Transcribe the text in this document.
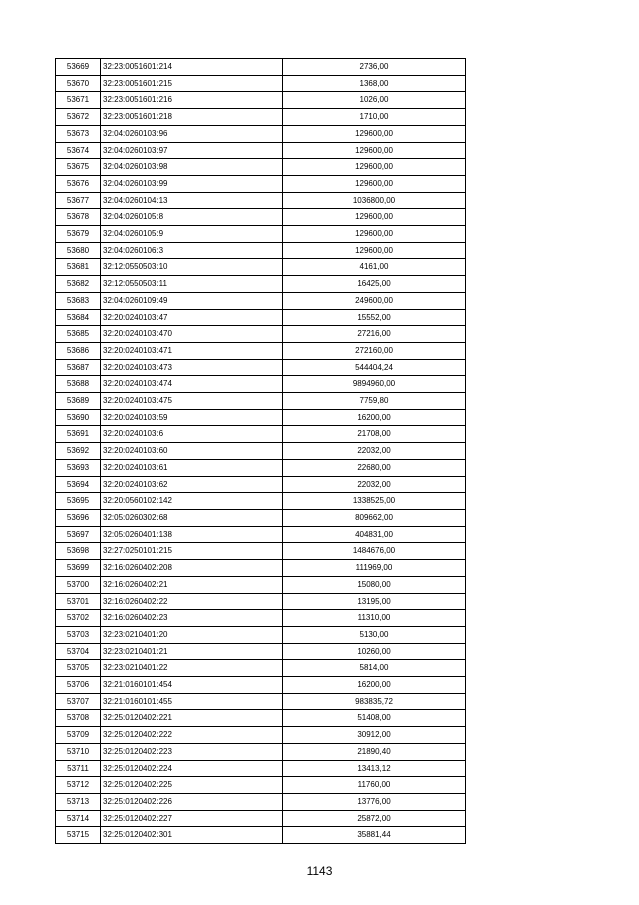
53669	32:23:0051601:214	2736,00
53670	32:23:0051601:215	1368,00
53671	32:23:0051601:216	1026,00
53672	32:23:0051601:218	1710,00
53673	32:04:0260103:96	129600,00
53674	32:04:0260103:97	129600,00
53675	32:04:0260103:98	129600,00
53676	32:04:0260103:99	129600,00
53677	32:04:0260104:13	1036800,00
53678	32:04:0260105:8	129600,00
53679	32:04:0260105:9	129600,00
53680	32:04:0260106:3	129600,00
53681	32:12:0550503:10	4161,00
53682	32:12:0550503:11	16425,00
53683	32:04:0260109:49	249600,00
53684	32:20:0240103:47	15552,00
53685	32:20:0240103:470	27216,00
53686	32:20:0240103:471	272160,00
53687	32:20:0240103:473	544404,24
53688	32:20:0240103:474	9894960,00
53689	32:20:0240103:475	7759,80
53690	32:20:0240103:59	16200,00
53691	32:20:0240103:6	21708,00
53692	32:20:0240103:60	22032,00
53693	32:20:0240103:61	22680,00
53694	32:20:0240103:62	22032,00
53695	32:20:0560102:142	1338525,00
53696	32:05:0260302:68	809662,00
53697	32:05:0260401:138	404831,00
53698	32:27:0250101:215	1484676,00
53699	32:16:0260402:208	111969,00
53700	32:16:0260402:21	15080,00
53701	32:16:0260402:22	13195,00
53702	32:16:0260402:23	11310,00
53703	32:23:0210401:20	5130,00
53704	32:23:0210401:21	10260,00
53705	32:23:0210401:22	5814,00
53706	32:21:0160101:454	16200,00
53707	32:21:0160101:455	983835,72
53708	32:25:0120402:221	51408,00
53709	32:25:0120402:222	30912,00
53710	32:25:0120402:223	21890,40
53711	32:25:0120402:224	13413,12
53712	32:25:0120402:225	11760,00
53713	32:25:0120402:226	13776,00
53714	32:25:0120402:227	25872,00
53715	32:25:0120402:301	35881,44
1143
